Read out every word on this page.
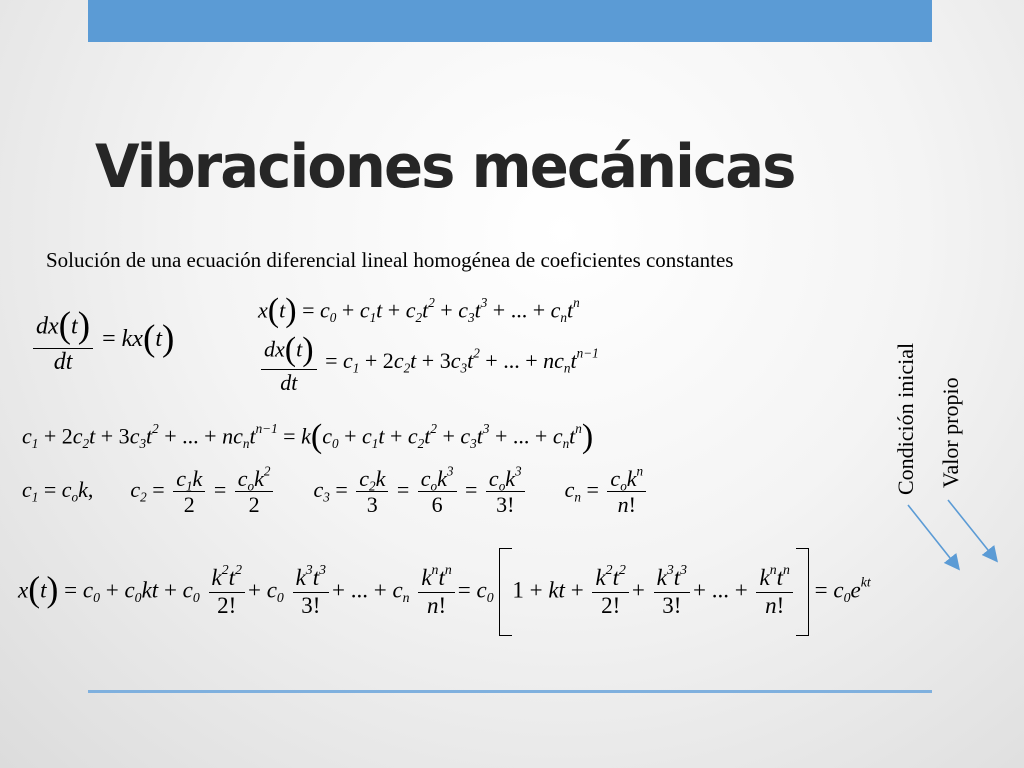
Vibraciones mecánicas
Solución de una ecuación diferencial lineal homogénea de coeficientes constantes
$\frac{dx(t)}{dt} = kx(t)$
$x(t) = c_0 + c_1t + c_2t^2 + c_3t^3$ + ... + $c_nt^n$
$\frac{dx(t)}{dt} = c_1 + 2c_2t + 3c_3t^2$ + ... + $nc_nt^{n-1}$
$c_1 + 2c_2t + 3c_3t^2$ + ... + $nc_nt^{n-1} = k(c_0 + c_1t + c_2t^2 + c_3t^3$ + ... + $c_nt^n$)
$c_1 = c_ok$,  $c_2 = \frac{c_1k}{2} = \frac{c_ok^2}{2} c_3 = \frac{c_2k}{3} = \frac{c_ok^3}{6} = \frac{c_ok^3}{3!} c_n = \frac{c_ok^n}{n!}$
$x(t) = c_0 + c_0kt + c_0 \frac{k^2t^2}{2!} + c_0 \frac{k^3t^3}{3!}$ + ... + $c_n \frac{k^nt^n}{n!} = c_0$ 1 + kt + $\frac{k^2t^2}{2!} + \frac{k^3t^3}{3!}$ + ... + $\frac{k^nt^n}{n!} = c_0e^{kt}$
Condición inicial Valor propio
